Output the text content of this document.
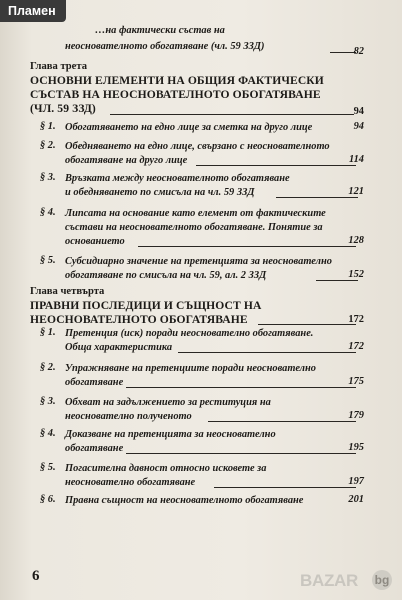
…на фактически състав на
неоснователното обогатяване (чл. 59 ЗЗД)	82
Глава трета
ОСНОВНИ ЕЛЕМЕНТИ НА ОБЩИЯ ФАКТИЧЕСКИ
СЪСТАВ НА НЕОСНОВАТЕЛНОТО ОБОГАТЯВАНЕ
(ЧЛ. 59 ЗЗД)	94
§ 1. Обогатяването на едно лице за сметка на друго лице	94
§ 2. Обедняването на едно лице, свързано с неоснователното
обогатяване на друго лице	114
§ 3. Връзката между неоснователното обогатяване
и обедняването по смисъла на чл. 59 ЗЗД	121
§ 4. Липсата на основание като елемент от фактическите
състави на неоснователното обогатяване. Понятие за
основанието	128
§ 5. Субсидиарно значение на претенцията за неоснователно
обогатяване по смисъла на чл. 59, ал. 2 ЗЗД	152
Глава четвърта
ПРАВНИ ПОСЛЕДИЦИ И СЪЩНОСТ НА
НЕОСНОВАТЕЛНОТО ОБОГАТЯВАНЕ	172
§ 1. Претенция (иск) поради неоснователно обогатяване.
Обща характеристика	172
§ 2. Упражняване на претенциите поради неоснователно
обогатяване	175
§ 3. Обхват на задължението за реституция на
неоснователно полученото	179
§ 4. Доказване на претенцията за неоснователно
обогатяване	195
§ 5. Погасителна давност относно исковете за
неоснователно обогатяване	197
§ 6. Правна същност на неоснователното обогатяване	201
6
Пламен
BAZAR bg
